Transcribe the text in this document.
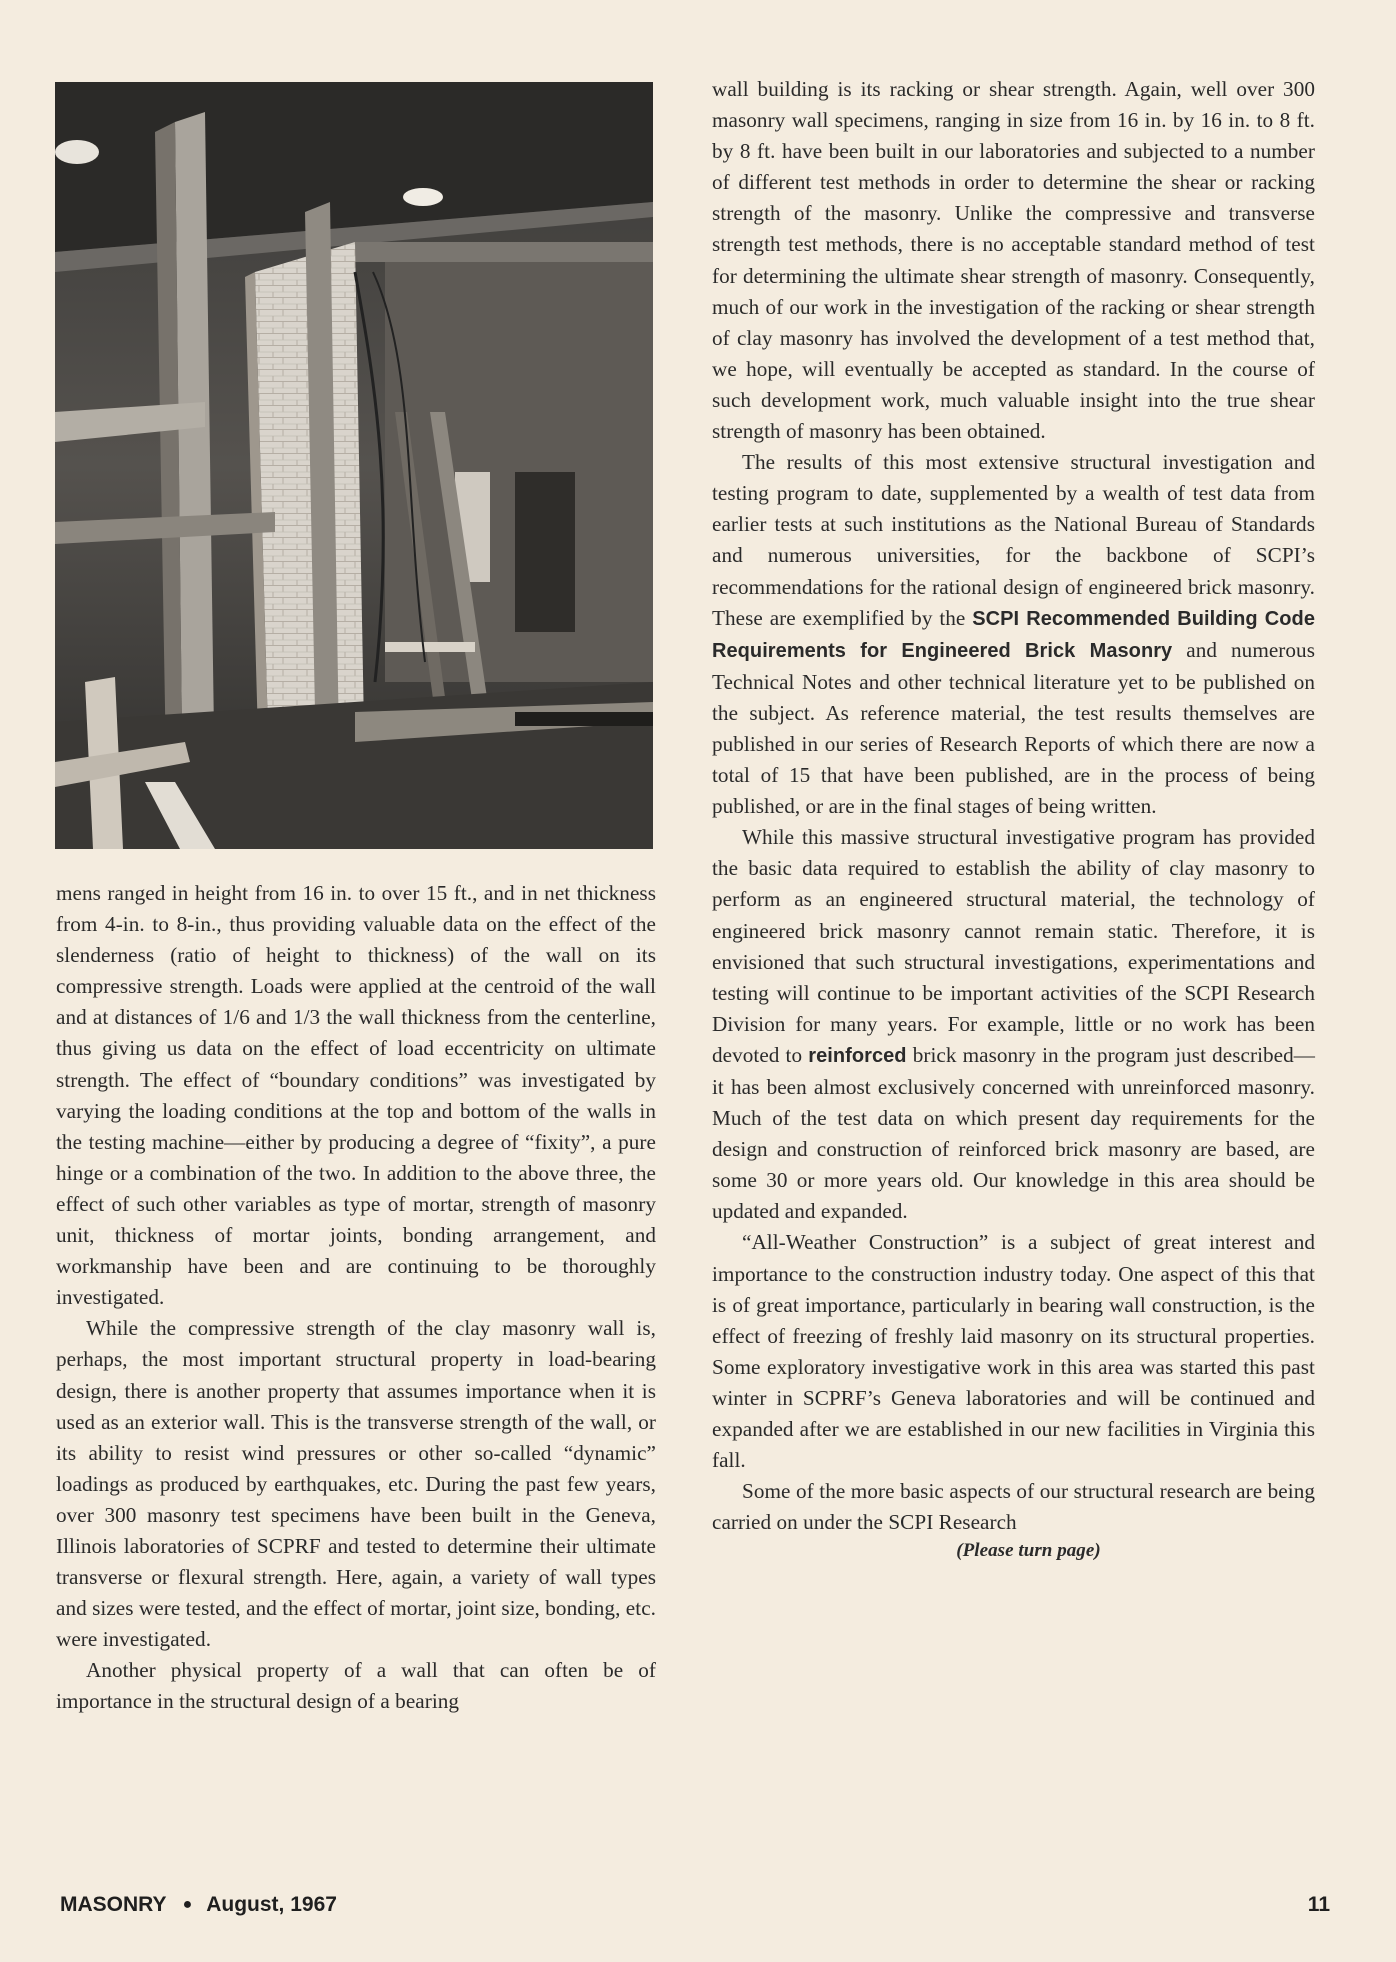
mens ranged in height from 16 in. to over 15 ft., and in net thickness from 4-in. to 8-in., thus providing valuable data on the effect of the slenderness (ratio of height to thickness) of the wall on its compressive strength. Loads were applied at the centroid of the wall and at distances of 1/6 and 1/3 the wall thickness from the centerline, thus giving us data on the effect of load eccentricity on ultimate strength. The effect of “boundary conditions” was investigated by varying the loading conditions at the top and bottom of the walls in the testing machine—either by producing a degree of “fixity”, a pure hinge or a combination of the two. In addition to the above three, the effect of such other variables as type of mortar, strength of masonry unit, thickness of mortar joints, bonding arrangement, and workmanship have been and are continuing to be thoroughly investigated.

While the compressive strength of the clay masonry wall is, perhaps, the most important structural property in load-bearing design, there is another property that assumes importance when it is used as an exterior wall. This is the transverse strength of the wall, or its ability to resist wind pressures or other so-called “dynamic” loadings as produced by earthquakes, etc. During the past few years, over 300 masonry test specimens have been built in the Geneva, Illinois laboratories of SCPRF and tested to determine their ultimate transverse or flexural strength. Here, again, a variety of wall types and sizes were tested, and the effect of mortar, joint size, bonding, etc. were investigated.

Another physical property of a wall that can often be of importance in the structural design of a bearing

wall building is its racking or shear strength. Again, well over 300 masonry wall specimens, ranging in size from 16 in. by 16 in. to 8 ft. by 8 ft. have been built in our laboratories and subjected to a number of different test methods in order to determine the shear or racking strength of the masonry. Unlike the compressive and transverse strength test methods, there is no acceptable standard method of test for determining the ultimate shear strength of masonry. Consequently, much of our work in the investigation of the racking or shear strength of clay masonry has involved the development of a test method that, we hope, will eventually be accepted as standard. In the course of such development work, much valuable insight into the true shear strength of masonry has been obtained.

The results of this most extensive structural investigation and testing program to date, supplemented by a wealth of test data from earlier tests at such institutions as the National Bureau of Standards and numerous universities, for the backbone of SCPI’s recommendations for the rational design of engineered brick masonry. These are exemplified by the SCPI Recommended Building Code Requirements for Engineered Brick Masonry and numerous Technical Notes and other technical literature yet to be published on the subject. As reference material, the test results themselves are published in our series of Research Reports of which there are now a total of 15 that have been published, are in the process of being published, or are in the final stages of being written.

While this massive structural investigative program has provided the basic data required to establish the ability of clay masonry to perform as an engineered structural material, the technology of engineered brick masonry cannot remain static. Therefore, it is envisioned that such structural investigations, experimentations and testing will continue to be important activities of the SCPI Research Division for many years. For example, little or no work has been devoted to reinforced brick masonry in the program just described—it has been almost exclusively concerned with unreinforced masonry. Much of the test data on which present day requirements for the design and construction of reinforced brick masonry are based, are some 30 or more years old. Our knowledge in this area should be updated and expanded.

“All-Weather Construction” is a subject of great interest and importance to the construction industry today. One aspect of this that is of great importance, particularly in bearing wall construction, is the effect of freezing of freshly laid masonry on its structural properties. Some exploratory investigative work in this area was started this past winter in SCPRF’s Geneva laboratories and will be continued and expanded after we are established in our new facilities in Virginia this fall.

Some of the more basic aspects of our structural research are being carried on under the SCPI Research

(Please turn page)

MASONRY ● August, 1967	11
